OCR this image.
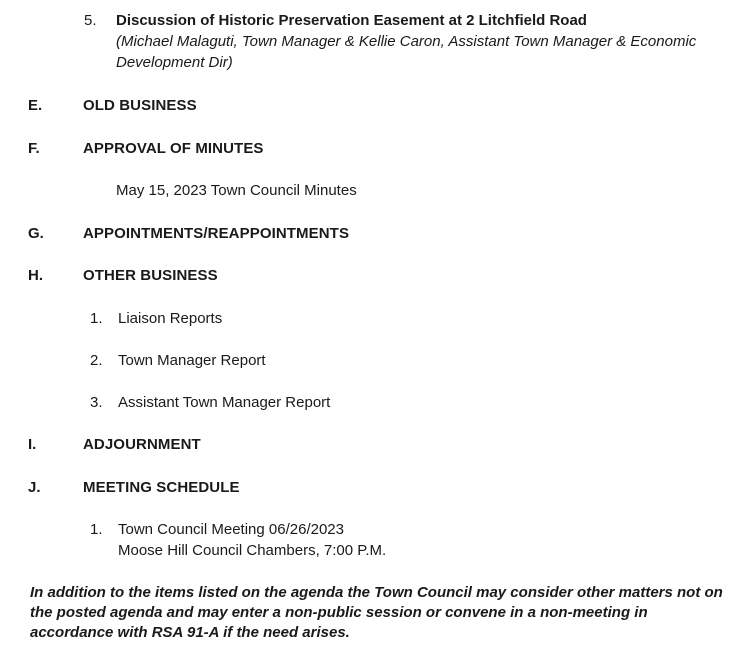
5. Discussion of Historic Preservation Easement at 2 Litchfield Road
(Michael Malaguti, Town Manager & Kellie Caron, Assistant Town Manager & Economic
Development Dir)
E.	OLD BUSINESS
F.	APPROVAL OF MINUTES
May 15, 2023 Town Council Minutes
G.	APPOINTMENTS/REAPPOINTMENTS
H.	OTHER BUSINESS
1. Liaison Reports
2. Town Manager Report
3. Assistant Town Manager Report
I.	ADJOURNMENT
J.	MEETING SCHEDULE
1. Town Council Meeting 06/26/2023
Moose Hill Council Chambers, 7:00 P.M.
In addition to the items listed on the agenda the Town Council may consider other matters not on the posted agenda and may enter a non-public session or convene in a non-meeting in accordance with RSA 91-A if the need arises.
